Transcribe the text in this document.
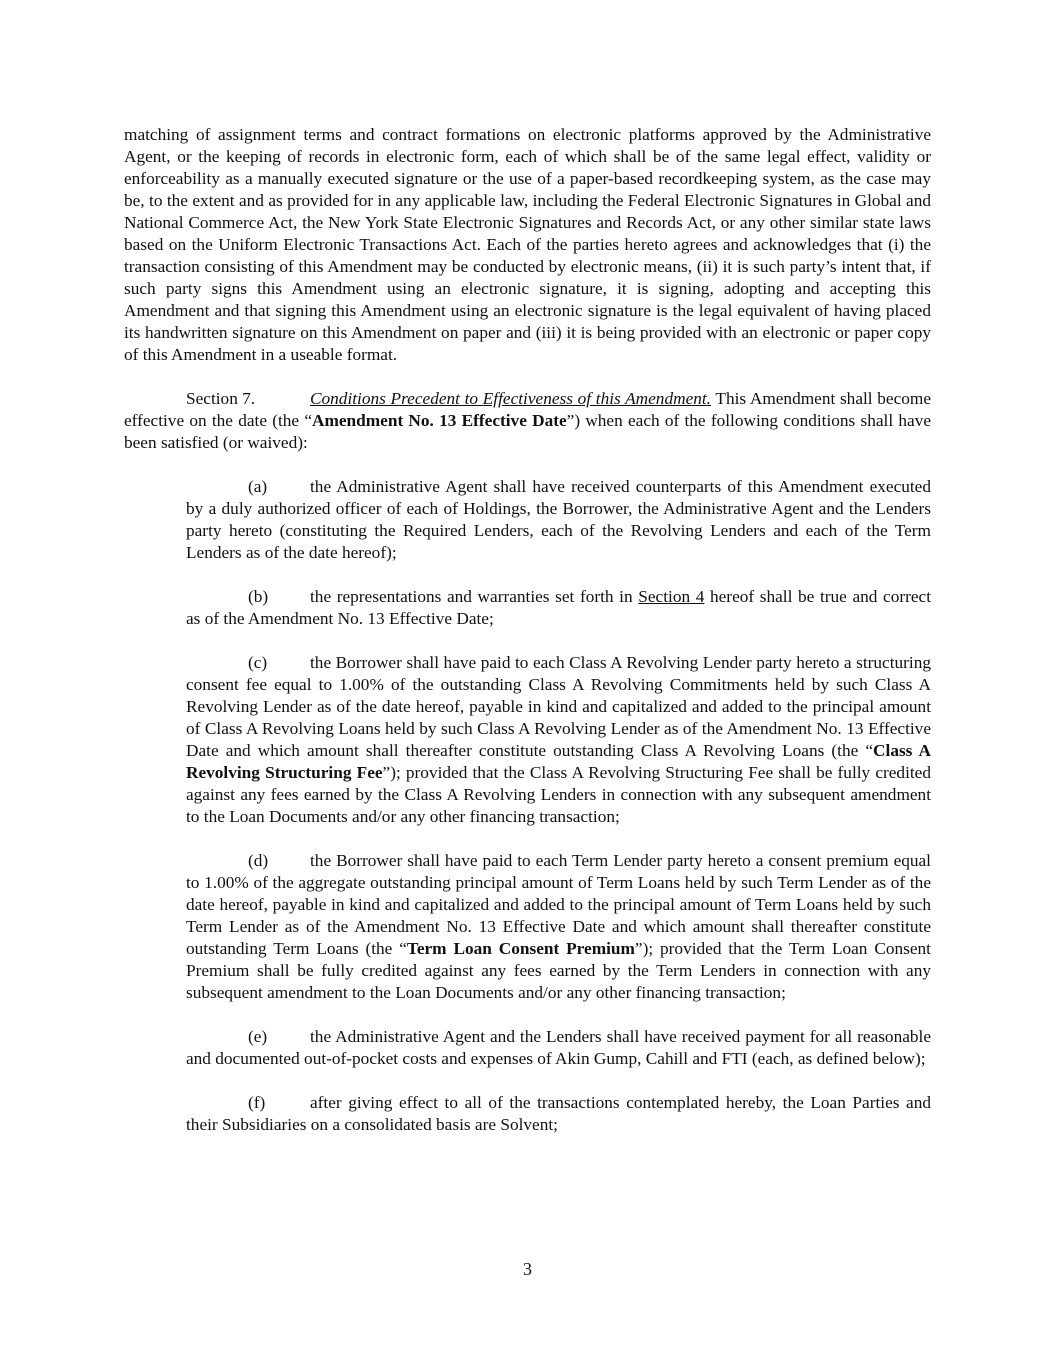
matching of assignment terms and contract formations on electronic platforms approved by the Administrative Agent, or the keeping of records in electronic form, each of which shall be of the same legal effect, validity or enforceability as a manually executed signature or the use of a paper-based recordkeeping system, as the case may be, to the extent and as provided for in any applicable law, including the Federal Electronic Signatures in Global and National Commerce Act, the New York State Electronic Signatures and Records Act, or any other similar state laws based on the Uniform Electronic Transactions Act. Each of the parties hereto agrees and acknowledges that (i) the transaction consisting of this Amendment may be conducted by electronic means, (ii) it is such party’s intent that, if such party signs this Amendment using an electronic signature, it is signing, adopting and accepting this Amendment and that signing this Amendment using an electronic signature is the legal equivalent of having placed its handwritten signature on this Amendment on paper and (iii) it is being provided with an electronic or paper copy of this Amendment in a useable format.

Section 7.	Conditions Precedent to Effectiveness of this Amendment. This Amendment shall become effective on the date (the “Amendment No. 13 Effective Date”) when each of the following conditions shall have been satisfied (or waived):

(a) the Administrative Agent shall have received counterparts of this Amendment executed by a duly authorized officer of each of Holdings, the Borrower, the Administrative Agent and the Lenders party hereto (constituting the Required Lenders, each of the Revolving Lenders and each of the Term Lenders as of the date hereof);

(b) the representations and warranties set forth in Section 4 hereof shall be true and correct as of the Amendment No. 13 Effective Date;

(c) the Borrower shall have paid to each Class A Revolving Lender party hereto a structuring consent fee equal to 1.00% of the outstanding Class A Revolving Commitments held by such Class A Revolving Lender as of the date hereof, payable in kind and capitalized and added to the principal amount of Class A Revolving Loans held by such Class A Revolving Lender as of the Amendment No. 13 Effective Date and which amount shall thereafter constitute outstanding Class A Revolving Loans (the “Class A Revolving Structuring Fee”); provided that the Class A Revolving Structuring Fee shall be fully credited against any fees earned by the Class A Revolving Lenders in connection with any subsequent amendment to the Loan Documents and/or any other financing transaction;

(d) the Borrower shall have paid to each Term Lender party hereto a consent premium equal to 1.00% of the aggregate outstanding principal amount of Term Loans held by such Term Lender as of the date hereof, payable in kind and capitalized and added to the principal amount of Term Loans held by such Term Lender as of the Amendment No. 13 Effective Date and which amount shall thereafter constitute outstanding Term Loans (the “Term Loan Consent Premium”); provided that the Term Loan Consent Premium shall be fully credited against any fees earned by the Term Lenders in connection with any subsequent amendment to the Loan Documents and/or any other financing transaction;

(e) the Administrative Agent and the Lenders shall have received payment for all reasonable and documented out-of-pocket costs and expenses of Akin Gump, Cahill and FTI (each, as defined below);

(f)	after giving effect to all of the transactions contemplated hereby, the Loan Parties and their Subsidiaries on a consolidated basis are Solvent;

3
